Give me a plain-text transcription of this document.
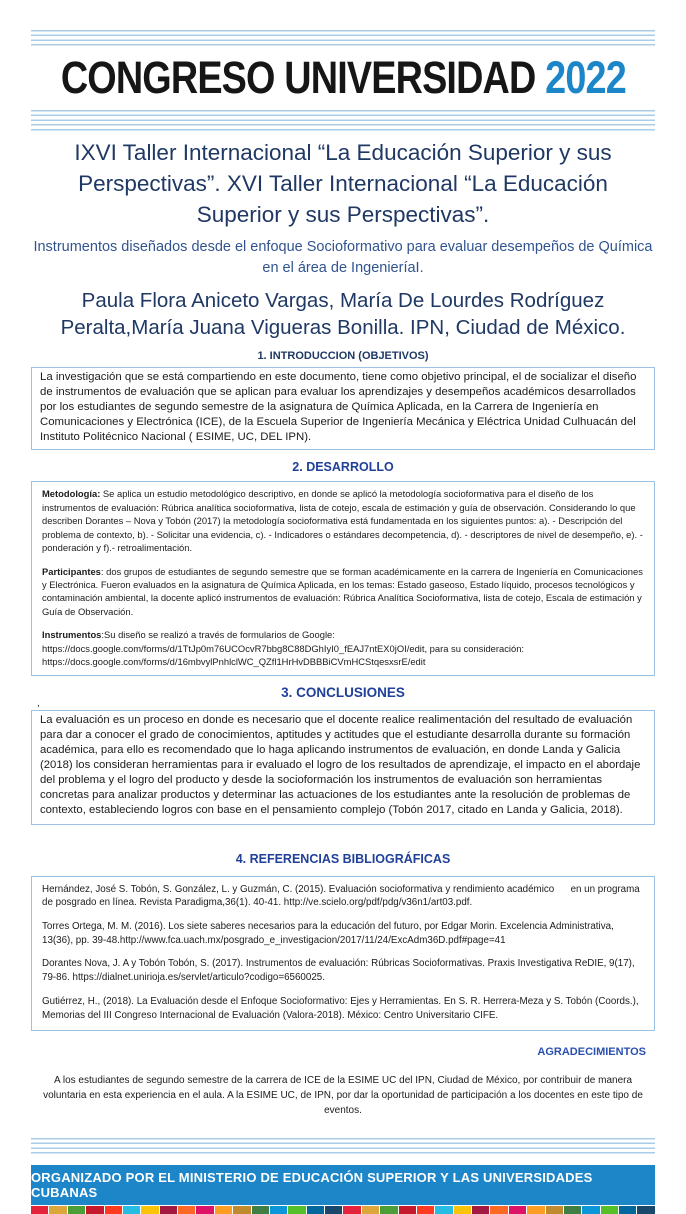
CONGRESO UNIVERSIDAD 2022
IXVI Taller Internacional “La Educación Superior y sus Perspectivas”. XVI Taller Internacional “La Educación Superior y sus Perspectivas”.
Instrumentos diseñados desde el enfoque Socioformativo para evaluar desempeños de Química en el área de IngenieríaI.
Paula Flora Aniceto Vargas, María De Lourdes Rodríguez Peralta,María Juana Vigueras Bonilla. IPN, Ciudad de México.
1. INTRODUCCION (OBJETIVOS)

La investigación que se está compartiendo en este documento, tiene como objetivo principal, el de socializar el diseño de instrumentos de evaluación que se aplican para evaluar los aprendizajes y desempeños académicos desarrollados por los estudiantes de segundo semestre de la asignatura de Química Aplicada, en la Carrera de Ingeniería en Comunicaciones y Electrónica (ICE), de la Escuela Superior de Ingeniería Mecánica y Eléctrica Unidad Culhuacán del Instituto Politécnico Nacional ( ESIME, UC, DEL IPN).

2. DESARROLLO

Metodología: Se aplica un estudio metodológico descriptivo, en donde se aplicó la metodología socioformativa para el diseño de los instrumentos de evaluación: Rúbrica analítica socioformativa, lista de cotejo, escala de estimación y guía de observación. Considerando lo que describen Dorantes – Nova y Tobón (2017) la metodología socioformativa está fundamentada en los siguientes puntos: a). - Descripción del problema de contexto, b). - Solicitar una evidencia, c). - Indicadores o estándares decompetencia, d). - descriptores de nivel de desempeño, e). -ponderación y f).- retroalimentación.

Participantes: dos grupos de estudiantes de segundo semestre que se forman académicamente en la carrera de Ingeniería en Comunicaciones y Electrónica. Fueron evaluados en la asignatura de Química Aplicada, en los temas: Estado gaseoso, Estado líquido, procesos tecnológicos y contaminación ambiental, la docente aplicó instrumentos de evaluación: Rúbrica Analítica Socioformativa, lista de cotejo, Escala de estimación y Guía de Observación.

Instrumentos:Su diseño se realizó a través de formularios de Google:
https://docs.google.com/forms/d/1TtJp0m76UCOcvR7bbg8C88DGhIyI0_fEAJ7ntEX0jOI/edit, para su consideración:
https://docs.google.com/forms/d/16mbvylPnhlclWC_QZfl1HrHvDBBBiCVmHCStqesxsrE/edit

3. CONCLUSIONES
,

La evaluación es un proceso en donde es necesario que el docente realice realimentación del resultado de evaluación para dar a conocer el grado de conocimientos, aptitudes y actitudes que el estudiante desarrolla durante su formación académica, para ello es recomendado que lo haga aplicando instrumentos de evaluación, en donde Landa y Galicia (2018) los consideran herramientas para ir evaluado el logro de los resultados de aprendizaje, el impacto en el abordaje del problema y el logro del producto y desde la socioformación los instrumentos de evaluación son herramientas concretas para analizar productos y determinar las actuaciones de los estudiantes ante la resolución de problemas de contexto, estableciendo logros con base en el pensamiento complejo (Tobón 2017, citado en Landa y Galicia, 2018).

4. REFERENCIAS BIBLIOGRÁFICAS

Hernández, José S. Tobón, S. González, L. y Guzmán, C. (2015). Evaluación socioformativa y rendimiento académico      en un programa de posgrado en línea. Revista Paradigma,36(1). 40-41. http://ve.scielo.org/pdf/pdg/v36n1/art03.pdf.

Torres Ortega, M. M. (2016). Los siete saberes necesarios para la educación del futuro, por Edgar Morin. Excelencia Administrativa, 13(36), pp. 39-48.http://www.fca.uach.mx/posgrado_e_investigacion/2017/11/24/ExcAdm36D.pdf#page=41

Dorantes Nova, J. A y Tobón Tobón, S. (2017). Instrumentos de evaluación: Rúbricas Socioformativas. Praxis Investigativa ReDIE, 9(17), 79-86. https://dialnet.unirioja.es/servlet/articulo?codigo=6560025.

Gutiérrez, H., (2018). La Evaluación desde el Enfoque Socioformativo: Ejes y Herramientas. En S. R. Herrera-Meza y S. Tobón (Coords.), Memorias del III Congreso Internacional de Evaluación (Valora-2018). México: Centro Universitario CIFE.

AGRADECIMIENTOS
A los estudiantes de segundo semestre de la carrera de ICE de la ESIME UC del IPN, Ciudad de México, por contribuir de manera voluntaria en esta experiencia en el aula. A la ESIME UC, de IPN, por dar la oportunidad de participación a los docentes en este tipo de eventos.
ORGANIZADO POR EL MINISTERIO DE EDUCACIÓN SUPERIOR Y LAS UNIVERSIDADES CUBANAS
